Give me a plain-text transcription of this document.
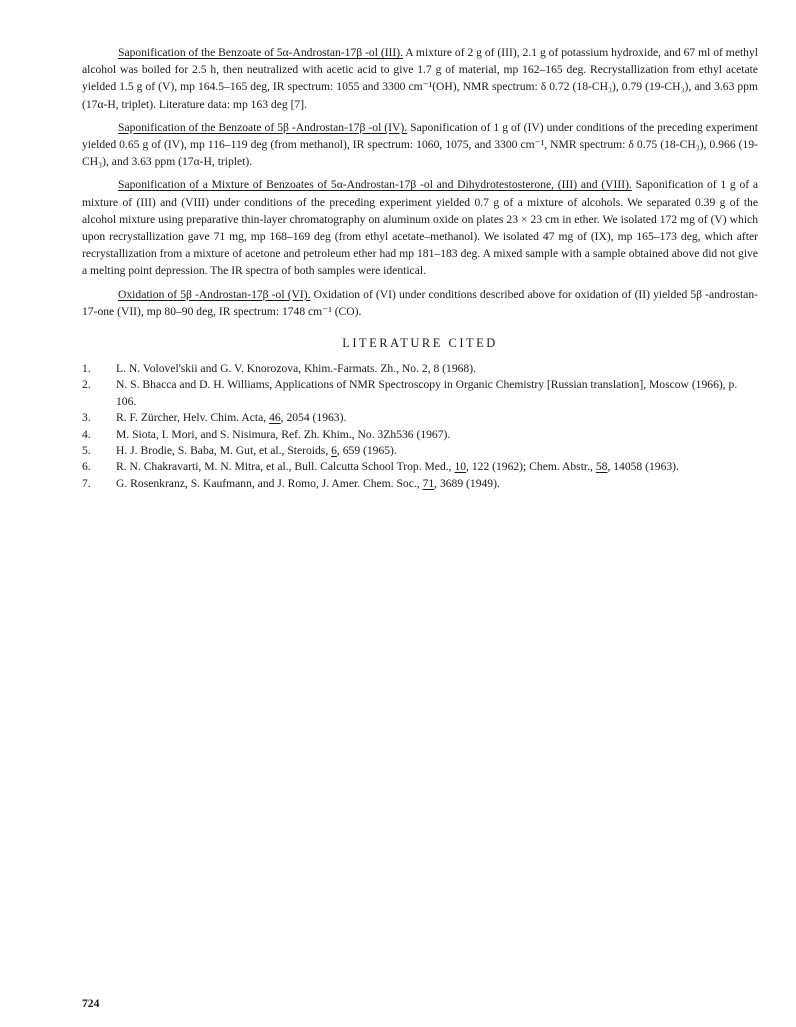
Saponification of the Benzoate of 5α-Androstan-17β -ol (III). A mixture of 2 g of (III), 2.1 g of potassium hydroxide, and 67 ml of methyl alcohol was boiled for 2.5 h, then neutralized with acetic acid to give 1.7 g of material, mp 162–165 deg. Recrystallization from ethyl acetate yielded 1.5 g of (V), mp 164.5–165 deg, IR spectrum: 1055 and 3300 cm⁻¹(OH), NMR spectrum: δ 0.72 (18-CH₃), 0.79 (19-CH₃), and 3.63 ppm (17α-H, triplet). Literature data: mp 163 deg [7].

Saponification of the Benzoate of 5β -Androstan-17β -ol (IV). Saponification of 1 g of (IV) under conditions of the preceding experiment yielded 0.65 g of (IV), mp 116–119 deg (from methanol), IR spectrum: 1060, 1075, and 3300 cm⁻¹, NMR spectrum: δ 0.75 (18-CH₃), 0.966 (19-CH₃), and 3.63 ppm (17α-H, triplet).

Saponification of a Mixture of Benzoates of 5α-Androstan-17β -ol and Dihydrotestosterone, (III) and (VIII). Saponification of 1 g of a mixture of (III) and (VIII) under conditions of the preceding experiment yielded 0.7 g of a mixture of alcohols. We separated 0.39 g of the alcohol mixture using preparative thin-layer chromatography on aluminum oxide on plates 23 × 23 cm in ether. We isolated 172 mg of (V) which upon recrystallization gave 71 mg, mp 168–169 deg (from ethyl acetate–methanol). We isolated 47 mg of (IX), mp 165–173 deg, which after recrystallization from a mixture of acetone and petroleum ether had mp 181–183 deg. A mixed sample with a sample obtained above did not give a melting point depression. The IR spectra of both samples were identical.

Oxidation of 5β -Androstan-17β -ol (VI). Oxidation of (VI) under conditions described above for oxidation of (II) yielded 5β -androstan-17-one (VII), mp 80–90 deg, IR spectrum: 1748 cm⁻¹ (CO).

LITERATURE CITED
1.	L. N. Volovel'skii and G. V. Knorozova, Khim.-Farmats. Zh., No. 2, 8 (1968).
2.	N. S. Bhacca and D. H. Williams, Applications of NMR Spectroscopy in Organic Chemistry [Russian translation], Moscow (1966), p. 106.
3.	R. F. Zürcher, Helv. Chim. Acta, 46, 2054 (1963).
4.	M. Siota, I. Mori, and S. Nisimura, Ref. Zh. Khim., No. 3Zh536 (1967).
5.	H. J. Brodie, S. Baba, M. Gut, et al., Steroids, 6, 659 (1965).
6.	R. N. Chakravarti, M. N. Mitra, et al., Bull. Calcutta School Trop. Med., 10, 122 (1962); Chem. Abstr., 58, 14058 (1963).
7.	G. Rosenkranz, S. Kaufmann, and J. Romo, J. Amer. Chem. Soc., 71, 3689 (1949).
724
